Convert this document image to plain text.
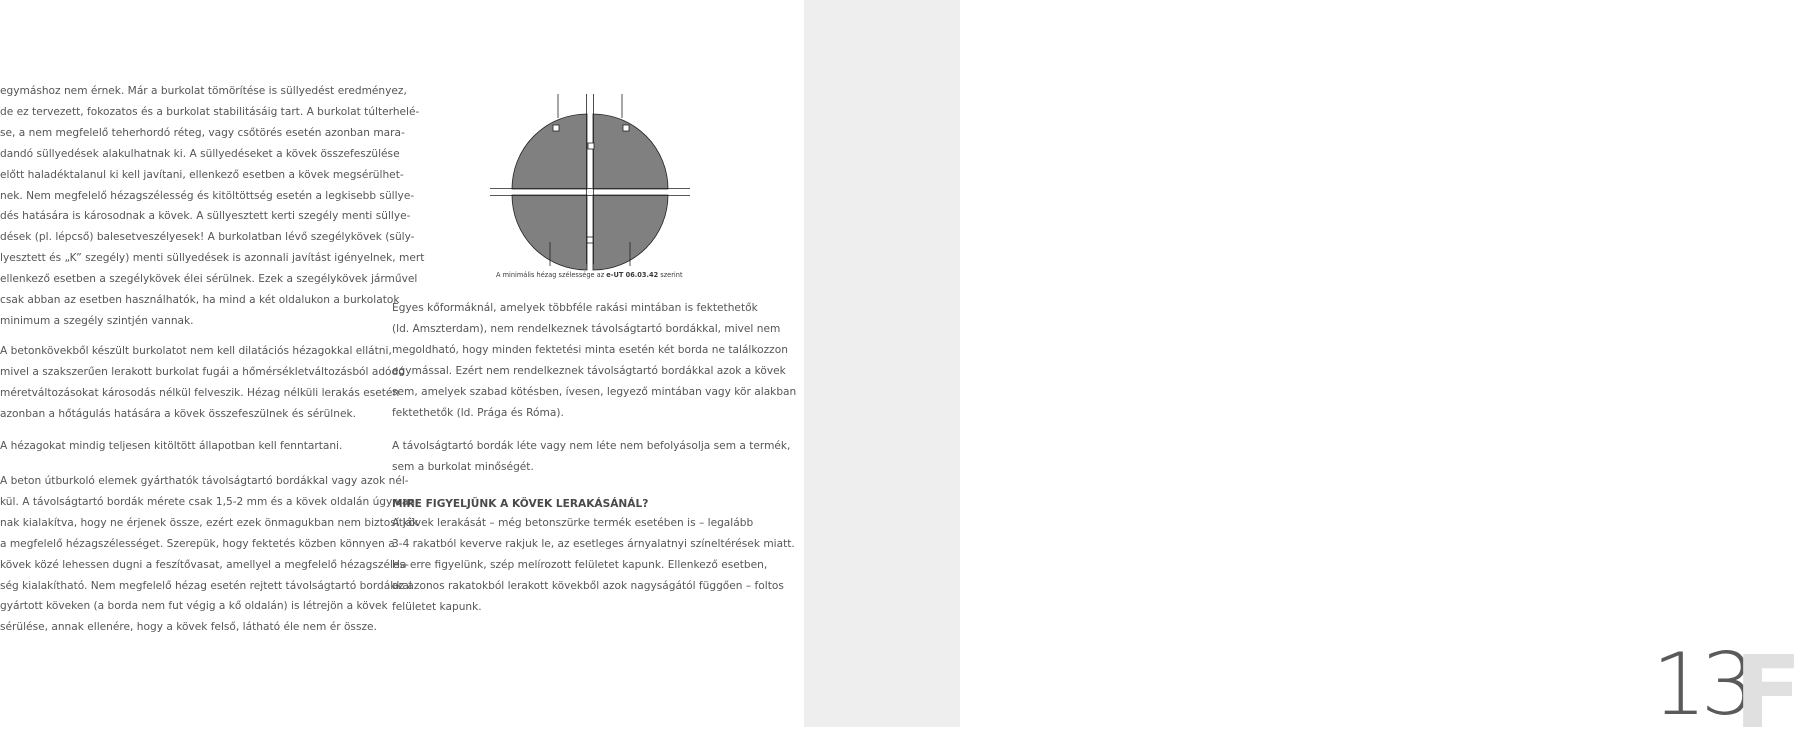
13
F
egymáshoz nem érnek. Már a burkolat tömörítése is süllyedést eredményez,
de ez tervezett, fokozatos és a burkolat stabilitásáig tart. A burkolat túlterhelé-
se, a nem megfelelő teherhordó réteg, vagy csőtörés esetén azonban mara-
dandó süllyedések alakulhatnak ki. A süllyedéseket a kövek összefeszülése
előtt haladéktalanul ki kell javítani, ellenkező esetben a kövek megsérülhet-
nek. Nem megfelelő hézagszélesség és kitöltöttség esetén a legkisebb süllye-
dés hatására is károsodnak a kövek. A süllyesztett kerti szegély menti süllye-
dések (pl. lépcső) balesetveszélyesek! A burkolatban lévő szegélykövek (süly-
lyesztett és „K” szegély) menti süllyedések is azonnali javítást igényelnek, mert
ellenkező esetben a szegélykövek élei sérülnek. Ezek a szegélykövek járművel
csak abban az esetben használhatók, ha mind a két oldalukon a burkolatok
minimum a szegély szintjén vannak.
A betonkövekből készült burkolatot nem kell dilatációs hézagokkal ellátni,
mivel a szakszerűen lerakott burkolat fugái a hőmérsékletváltozásból adódó
méretváltozásokat károsodás nélkül felveszik. Hézag nélküli lerakás esetén
azonban a hőtágulás hatására a kövek összefeszülnek és sérülnek.
A hézagokat mindig teljesen kitöltött állapotban kell fenntartani.
A beton útburkoló elemek gyárthatók távolságtartó bordákkal vagy azok nél-
kül. A távolságtartó bordák mérete csak 1,5-2 mm és a kövek oldalán úgy van-
nak kialakítva, hogy ne érjenek össze, ezért ezek önmagukban nem biztosítják
a megfelelő hézagszélességet. Szerepük, hogy fektetés közben könnyen a
kövek közé lehessen dugni a feszítővasat, amellyel a megfelelő hézagszéles-
ség kialakítható. Nem megfelelő hézag esetén rejtett távolságtartó bordákkal
gyártott köveken (a borda nem fut végig a kő oldalán) is létrejön a kövek
sérülése, annak ellenére, hogy a kövek felső, látható éle nem ér össze.

A minimális hézag szélessége az e-UT 06.03.42 szerint

Egyes kőformáknál, amelyek többféle rakási mintában is fektethetők
(ld. Amszterdam), nem rendelkeznek távolságtartó bordákkal, mivel nem
megoldható, hogy minden fektetési minta esetén két borda ne találkozzon
egymással. Ezért nem rendelkeznek távolságtartó bordákkal azok a kövek
sem, amelyek szabad kötésben, ívesen, legyező mintában vagy kör alakban
fektethetők (ld. Prága és Róma).
A távolságtartó bordák léte vagy nem léte nem befolyásolja sem a termék,
sem a burkolat minőségét.
MIRE FIGYELJÜNK A KÖVEK LERAKÁSÁNÁL?
A kövek lerakását – még betonszürke termék esetében is – legalább
3-4 rakatból keverve rakjuk le, az esetleges árnyalatnyi színeltérések miatt.
Ha erre figyelünk, szép melírozott felületet kapunk. Ellenkező esetben,
az azonos rakatokból lerakott kövekből azok nagyságától függően – foltos
felületet kapunk.
